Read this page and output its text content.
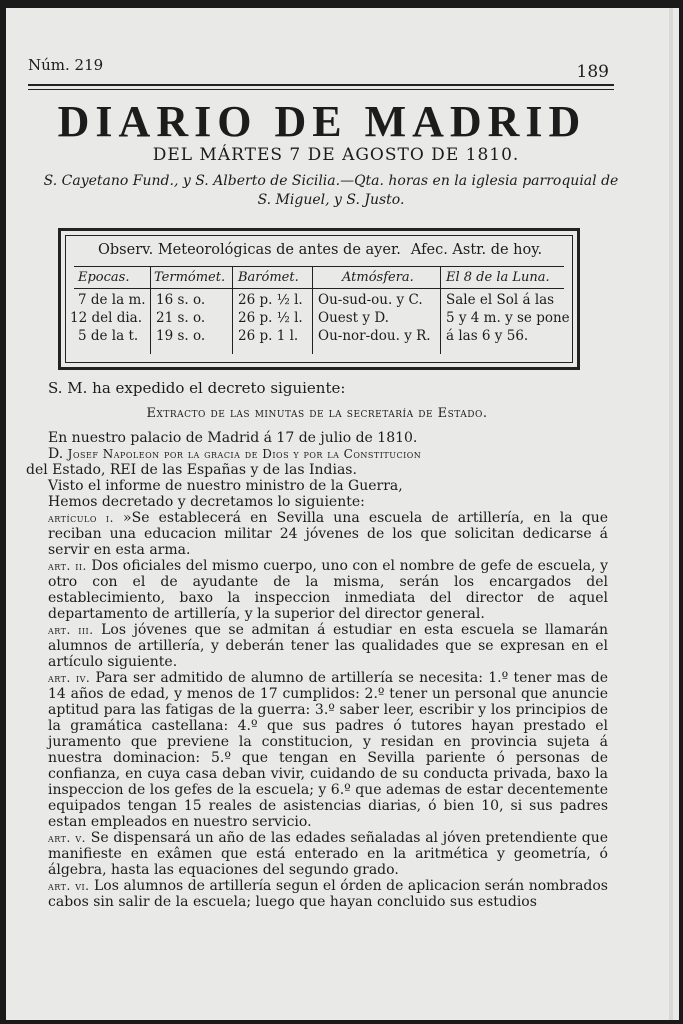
Núm. 219	189
DIARIO DE MADRID
DEL MÁRTES 7 DE AGOSTO DE 1810.
S. Cayetano Fund., y S. Alberto de Sicilia.—Qta. horas en la iglesia parroquial de S. Miguel, y S. Justo.
Observ. Meteorológicas de antes de ayer. Afec. Astr. de hoy.
Epocas. Termómet. Barómet.	Atmósfera. El 8 de la Luna.
7 de la m. 16 s. o. 26 p. ½ l. Ou-sud-ou. y C.
12 del dia. 21 s. o. 26 p. ½ l. Ouest y D.
5 de la t. 19 s. o. 26 p. 1 l. Ou-nor-dou. y R.
Sale el Sol á las
5 y 4 m. y se pone
á las 6 y 56.

S. M. ha expedido el decreto siguiente:

Extracto de las minutas de la secretaría de Estado.

En nuestro palacio de Madrid á 17 de julio de 1810.

D. Josef Napoleon por la gracia de Dios y por la Constitucion

del Estado, REI de las Españas y de las Indias.

Visto el informe de nuestro ministro de la Guerra,

Hemos decretado y decretamos lo siguiente:

artículo i. »Se establecerá en Sevilla una escuela de artillería, en la que reciban una educacion militar 24 jóvenes de los que solicitan dedicarse á servir en esta arma.

art. ii. Dos oficiales del mismo cuerpo, uno con el nombre de gefe de escuela, y otro con el de ayudante de la misma, serán los encargados del establecimiento, baxo la inspeccion inmediata del director de aquel departamento de artillería, y la superior del director general.

art. iii. Los jóvenes que se admitan á estudiar en esta escuela se llamarán alumnos de artillería, y deberán tener las qualidades que se expresan en el artículo siguiente.

art. iv. Para ser admitido de alumno de artillería se necesita: 1.º tener mas de 14 años de edad, y menos de 17 cumplidos: 2.º tener un personal que anuncie aptitud para las fatigas de la guerra: 3.º saber leer, escribir y los principios de la gramática castellana: 4.º que sus padres ó tutores hayan prestado el juramento que previene la constitucion, y residan en provincia sujeta á nuestra dominacion: 5.º que tengan en Sevilla pariente ó personas de confianza, en cuya casa deban vivir, cuidando de su conducta privada, baxo la inspeccion de los gefes de la escuela; y 6.º que ademas de estar decentemente equipados tengan 15 reales de asistencias diarias, ó bien 10, si sus padres estan empleados en nuestro servicio.

art. v. Se dispensará un año de las edades señaladas al jóven pretendiente que manifieste en exâmen que está enterado en la aritmética y geometría, ó álgebra, hasta las equaciones del segundo grado.

art. vi. Los alumnos de artillería segun el órden de aplicacion serán nombrados cabos sin salir de la escuela; luego que hayan concluido sus estudios
